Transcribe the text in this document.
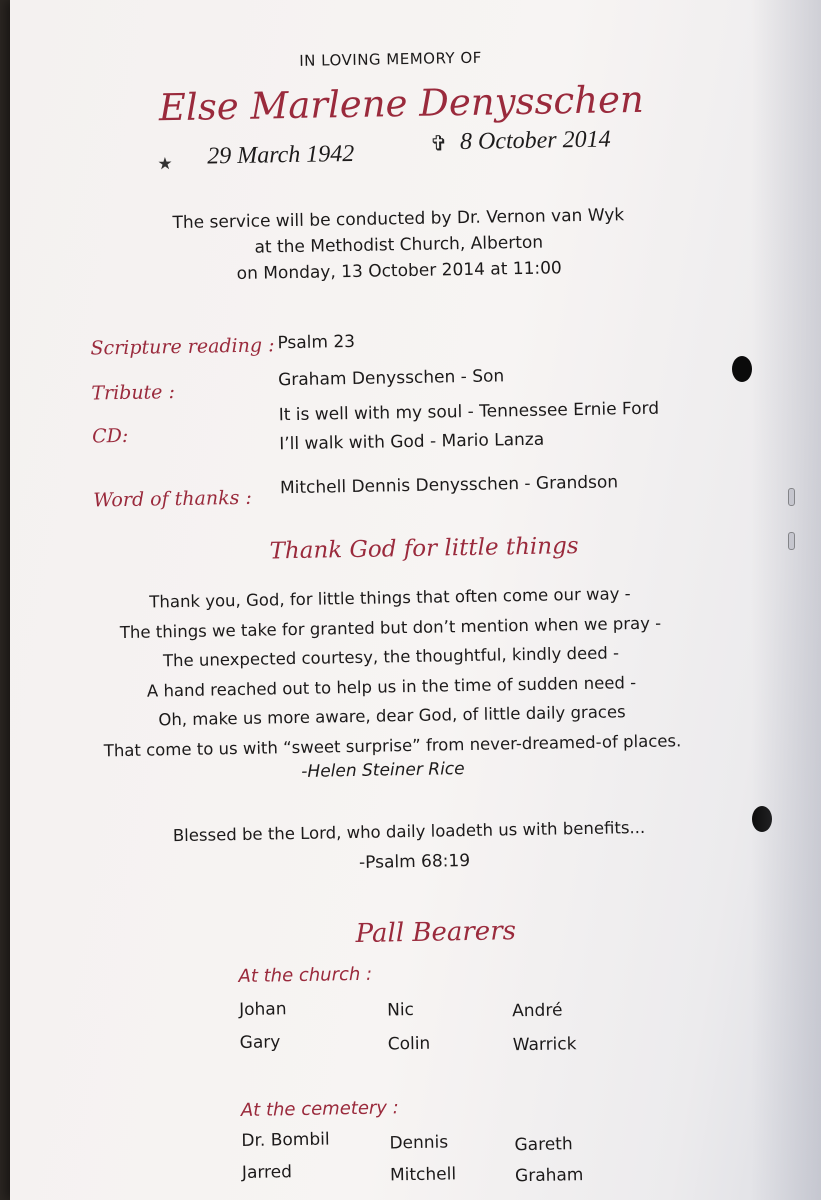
IN LOVING MEMORY OF
Else Marlene Denysschen
★ 29 March 1942	✞ 8 October 2014
The service will be conducted by Dr. Vernon van Wyk
at the Methodist Church, Alberton
on Monday, 13 October 2014 at 11:00
Scripture reading : Psalm 23
Tribute :
Graham Denysschen - Son
CD:
It is well with my soul - Tennessee Ernie Ford
I’ll walk with God - Mario Lanza
Word of thanks :
Mitchell Dennis Denysschen - Grandson
Thank God for little things
Thank you, God, for little things that often come our way -
The things we take for granted but don’t mention when we pray -
The unexpected courtesy, the thoughtful, kindly deed -
A hand reached out to help us in the time of sudden need -
Oh, make us more aware, dear God, of little daily graces
That come to us with “sweet surprise” from never-dreamed-of places.
-Helen Steiner Rice
Blessed be the Lord, who daily loadeth us with benefits...
-Psalm 68:19
Pall Bearers
At the church :
Johan	Nic	André
Gary	Colin	Warrick
At the cemetery :
Dr. Bombil	Dennis	Gareth
Jarred	Mitchell	Graham
